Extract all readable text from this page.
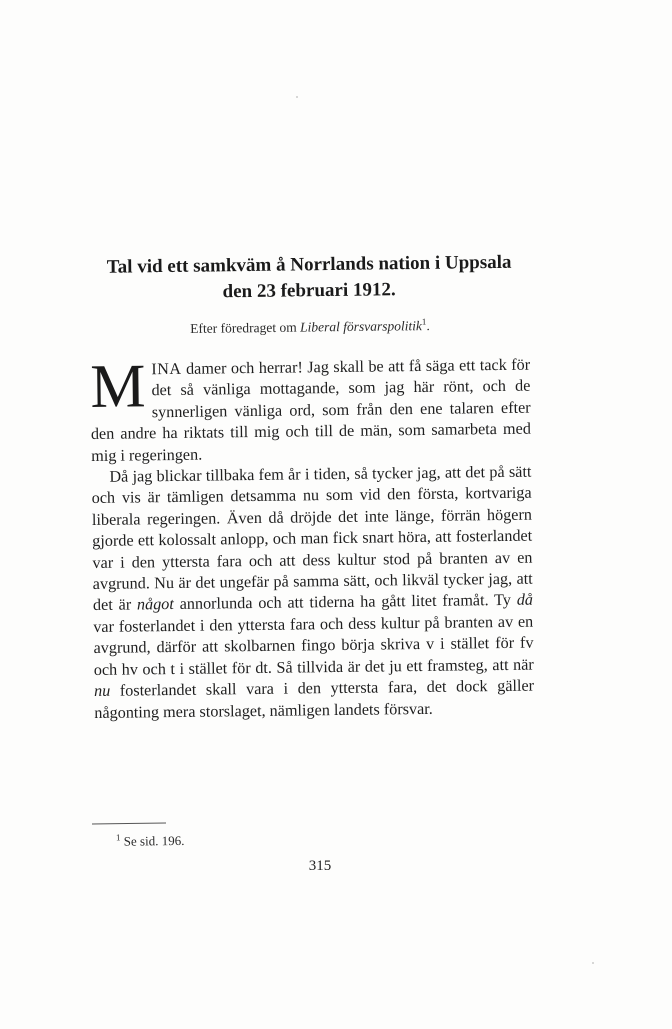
Tal vid ett samkväm å Norrlands nation i Uppsala

den 23 februari 1912.

Efter föredraget om Liberal försvarspolitik$^1$.

MINA damer och herrar! Jag skall be att få säga ett tack för det så vänliga mottagande, som jag här rönt, och de synnerligen vänliga ord, som från den ene talaren efter den andre ha riktats till mig och till de män, som samarbeta med mig i regeringen.

Då jag blickar tillbaka fem år i tiden, så tycker jag, att det på sätt och vis är tämligen detsamma nu som vid den första, kortvariga liberala regeringen. Även då dröjde det inte länge, förrän högern gjorde ett kolossalt anlopp, och man fick snart höra, att fosterlandet var i den yttersta fara och att dess kultur stod på branten av en avgrund. Nu är det ungefär på samma sätt, och likväl tycker jag, att det är något annorlunda och att tiderna ha gått litet framåt. Ty då var fosterlandet i den yttersta fara och dess kultur på branten av en avgrund, därför att skolbarnen fingo börja skriva v i stället för fv och hv och t i stället för dt. Så tillvida är det ju ett framsteg, att när nu fosterlandet skall vara i den yttersta fara, det dock gäller någonting mera storslaget, nämligen landets försvar.

$^1$ Se sid. 196.
315
